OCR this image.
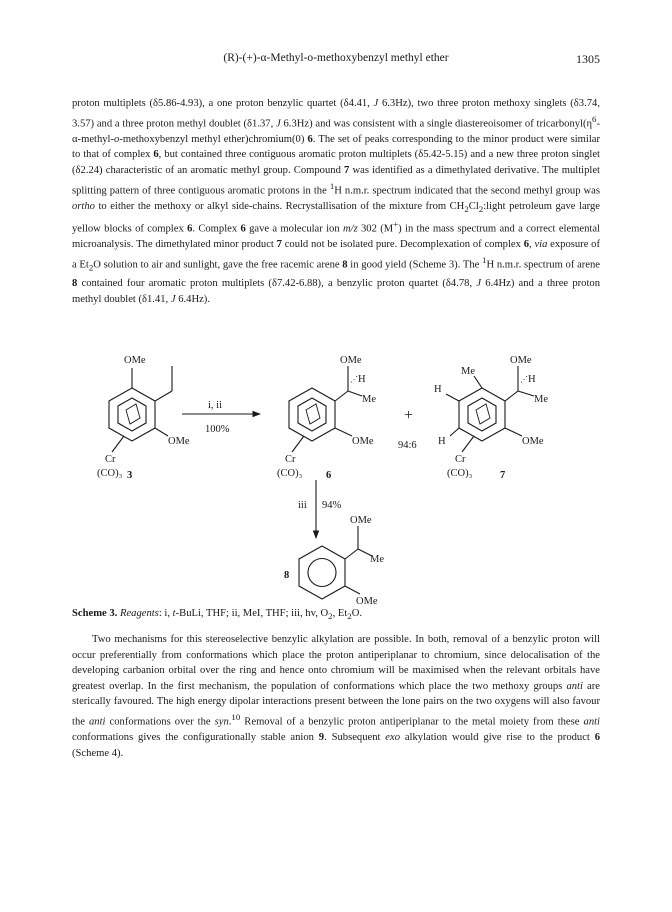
(R)-(+)-α-Methyl-o-methoxybenzyl methyl ether	1305

proton multiplets (δ5.86-4.93), a one proton benzylic quartet (δ4.41, J 6.3Hz), two three proton methoxy singlets (δ3.74, 3.57) and a three proton methyl doublet (δ1.37, J 6.3Hz) and was consistent with a single diastereoisomer of $tricarbonyl(\eta^6-\alpha-methyl-o$-methoxybenzyl methyl ether)chromium(0) 6. The set of peaks corresponding to the minor product were similar to that of complex 6, but contained three contiguous aromatic proton multiplets (δ5.42-5.15) and a new three proton singlet (δ2.24) characteristic of an aromatic methyl group. Compound 7 was identified as a dimethylated derivative. The multiplet splitting pattern of three contiguous aromatic protons in the $^1$H n.m.r. spectrum indicated that the second methyl group was ortho to either the methoxy or alkyl side-chains. Recrystallisation of the mixture from $CH_2Cl_2:light$ petroleum gave large yellow blocks of complex 6. Complex 6 gave a molecular ion m/z 302 (M+) in the mass spectrum and a correct elemental microanalysis. The dimethylated minor product 7 could not be isolated pure. Decomplexation of complex 6, via exposure of a $Et_2O$ solution to air and sunlight, gave the free racemic arene 8 in good yield (Scheme 3). The $^1$H n.m.r. spectrum of arene 8 contained four aromatic proton multiplets (δ7.42-6.88), a benzylic proton quartet (δ4.78, J 6.4Hz) and a three proton methyl doublet (δ1.41, J 6.4Hz).

OMe
OMe
Cr
(CO)₃ 3
i, ii
100%
⋰
OMe
H
Me
OMe
Cr
(CO)₃ 6
+
94:6
⋰
OMe
H
Me
OMe
Me
H
H
Cr
(CO)₃	7
iii 94%
OMe
Me
OMe
8
Scheme 3. Reagents: i, t-BuLi, THF; ii, MeI, THF; iii, hv, $O_2$, $Et_2O$.

Two mechanisms for this stereoselective benzylic alkylation are possible. In both, removal of a benzylic proton will occur preferentially from conformations which place the proton antiperiplanar to chromium, since delocalisation of the developing carbanion orbital over the ring and hence onto chromium will be maximised when the relevant orbitals have greatest overlap. In the first mechanism, the population of conformations which place the two methoxy groups anti are sterically favoured. The high energy dipolar interactions present between the lone pairs on the two oxygens will also favour the anti conformations over the syn.$^{10}$ Removal of a benzylic proton antiperiplanar to the metal moiety from these anti conformations gives the configurationally stable anion 9. Subsequent exo alkylation would give rise to the product 6 (Scheme 4).
